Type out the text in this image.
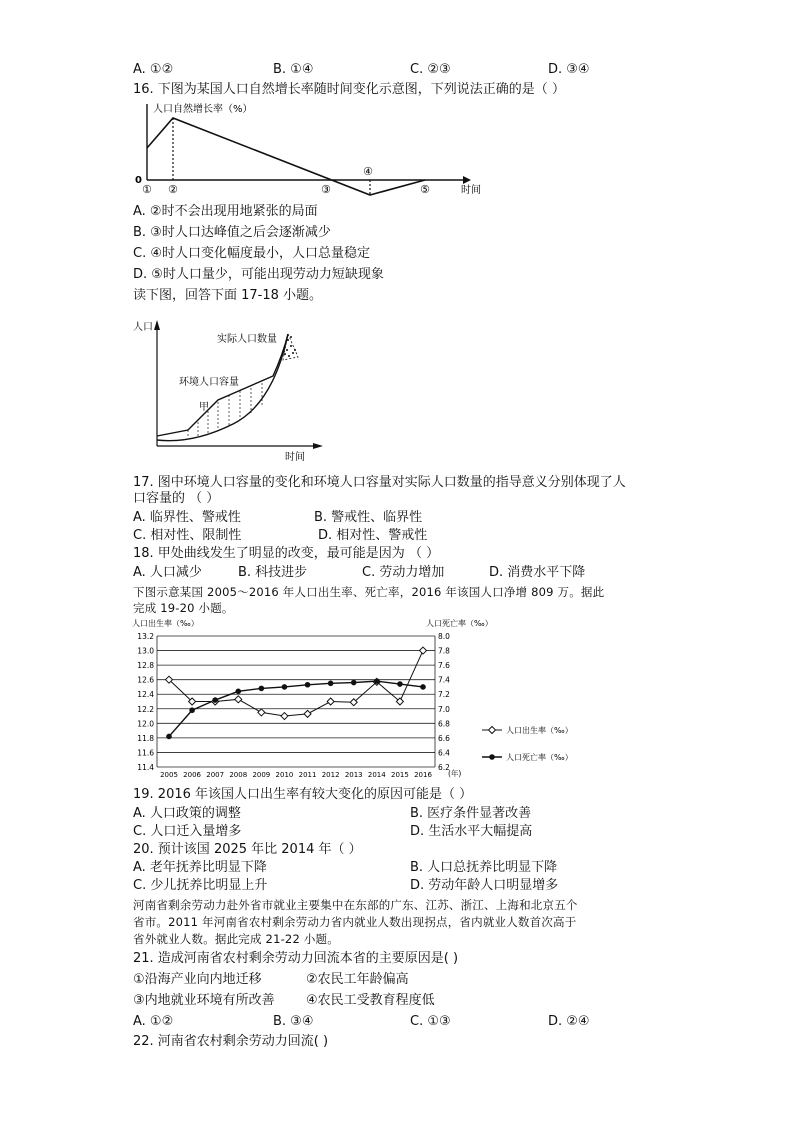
A. ①②	B. ①④	C. ②③	D. ③④
16. 下图为某国人口自然增长率随时间变化示意图，下列说法正确的是（ ）
人口自然增长率（%）
0
时间
① ②	③
④
⑤
A. ②时不会出现用地紧张的局面
B. ③时人口达峰值之后会逐渐减少
C. ④时人口变化幅度最小，人口总量稳定
D. ⑤时人口量少，可能出现劳动力短缺现象
读下图，回答下面 17-18 小题。
人口
时间
实际人口数量
环境人口容量
甲
17. 图中环境人口容量的变化和环境人口容量对实际人口数量的指导意义分别体现了人
口容量的 （ ）
A. 临界性、警戒性	B. 警戒性、临界性
C. 相对性、限制性	D. 相对性、警戒性
18. 甲处曲线发生了明显的改变，最可能是因为 （ ）
A. 人口减少	B. 科技进步	C. 劳动力增加	D. 消费水平下降
下图示意某国 2005～2016 年人口出生率、死亡率，2016 年该国人口净增 809 万。据此
完成 19-20 小题。
13.2
13.0
12.8
12.6
12.4
12.2
12.0
11.8
11.6
11.4
8.0
7.8
7.6
7.4
7.2
7.0
6.8
6.6
6.4
6.2
2005 2006 2007 2008 2009 2010 2011 2012 2013 2014 2015 2016
人口出生率（‰）	人口死亡率（‰）
(年)
人口出生率（‰）
人口死亡率（‰）
19. 2016 年该国人口出生率有较大变化的原因可能是（ ）
A. 人口政策的调整	B. 医疗条件显著改善
C. 人口迁入量增多	D. 生活水平大幅提高
20. 预计该国 2025 年比 2014 年（ ）
A. 老年抚养比明显下降	B. 人口总抚养比明显下降
C. 少儿抚养比明显上升	D. 劳动年龄人口明显增多
河南省剩余劳动力赴外省市就业主要集中在东部的广东、江苏、浙江、上海和北京五个
省市。2011 年河南省农村剩余劳动力省内就业人数出现拐点，省内就业人数首次高于
省外就业人数。据此完成 21-22 小题。
21. 造成河南省农村剩余劳动力回流本省的主要原因是( )
①沿海产业向内地迁移	②农民工年龄偏高
③内地就业环境有所改善 ④农民工受教育程度低
A. ①②	B. ③④	C. ①③	D. ②④
22. 河南省农村剩余劳动力回流( )
